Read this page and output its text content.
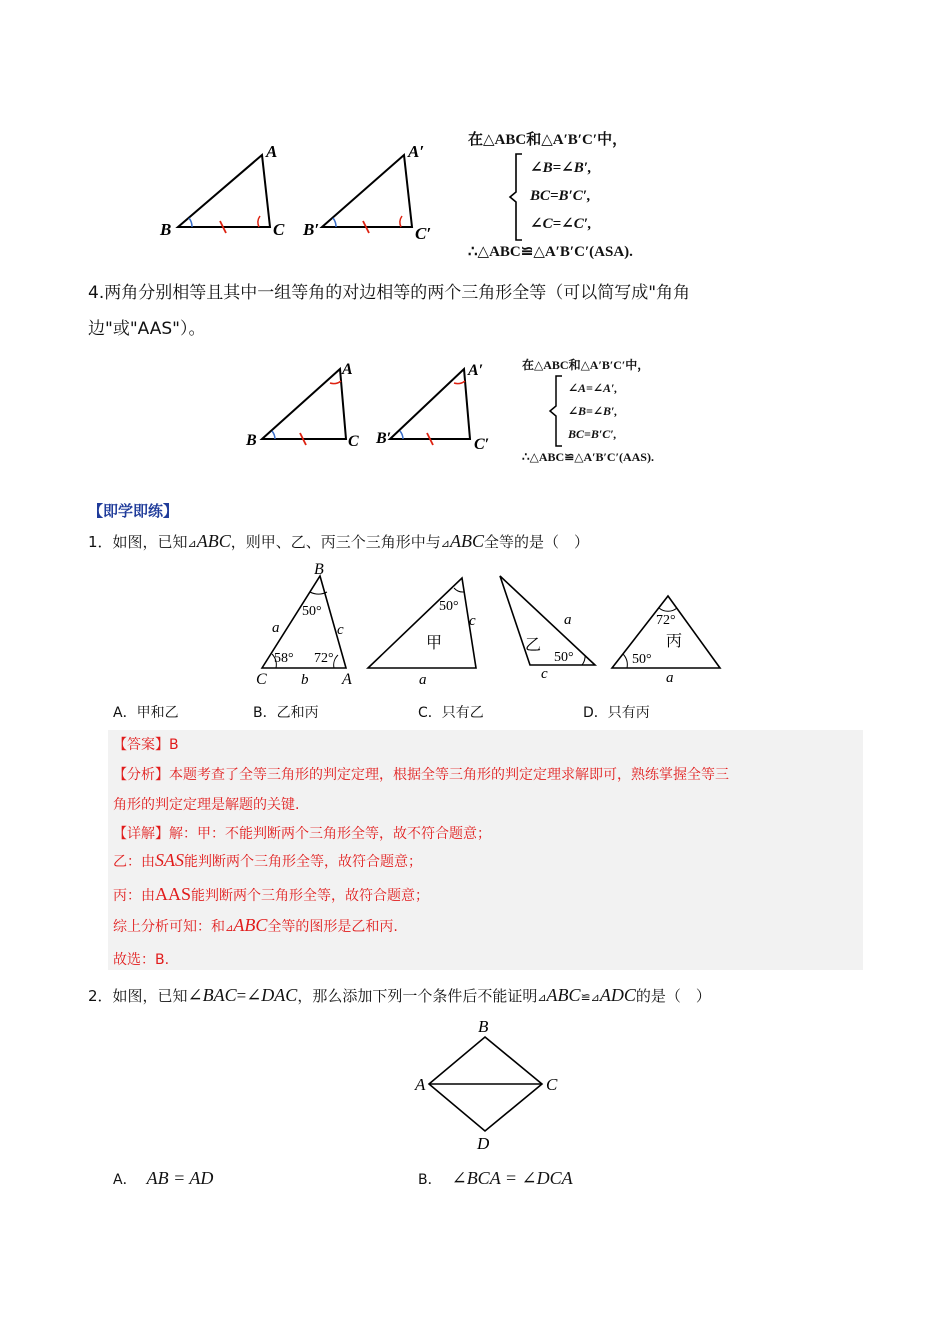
A
B	C
A′
B′	C′
在△ABC和△A′B′C′中，
∠B=∠B′,
BC=B′C′,
∠C=∠C′,
∴△ABC≌△A′B′C′(ASA).
4.两角分别相等且其中一组等角的对边相等的两个三角形全等（可以简写成"角角
边"或"AAS"）。
A
B	C
A′
B′	C′
在△ABC和△A′B′C′中，
∠A=∠A′,
∠B=∠B′,
BC=B′C′,
∴△ABC≌△A′B′C′(AAS).
【即学即练】
1．如图，已知⊿ABC，则甲、乙、丙三个三角形中与⊿ABC全等的是（　）
B
C	A
a
b
c
50°
58° 72°
50°
c
a
甲
a
50°
c
乙
72°
50°
a
丙
A．甲和乙	B．乙和丙	C．只有乙	D．只有丙
【答案】B
【分析】本题考查了全等三角形的判定定理，根据全等三角形的判定定理求解即可，熟练掌握全等三
角形的判定定理是解题的关键.
【详解】解：甲：不能判断两个三角形全等，故不符合题意；
乙：由SAS能判断两个三角形全等，故符合题意；
丙：由AAS能判断两个三角形全等，故符合题意；
综上分析可知：和⊿ABC全等的图形是乙和丙.
故选：B.
2．如图，已知∠BAC=∠DAC，那么添加下列一个条件后不能证明⊿ABC≌⊿ADC的是（　）
B
A	C
D
A． AB = AD	B． ∠BCA = ∠DCA
